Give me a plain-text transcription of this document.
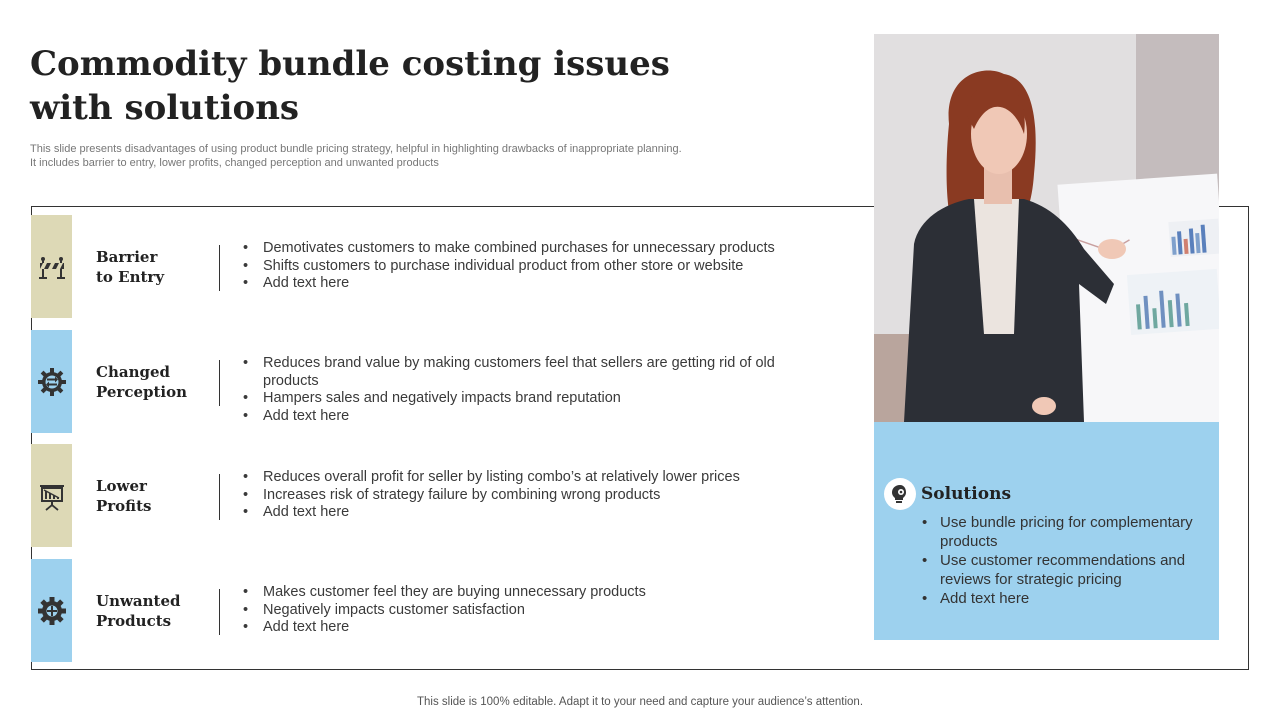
Commodity bundle costing issues with solutions
This slide presents disadvantages of using product bundle pricing strategy, helpful in highlighting drawbacks of inappropriate planning.
It includes barrier to entry, lower profits, changed perception and unwanted products
Barrier
to Entry
• Demotivates customers to make combined purchases for unnecessary products
• Shifts customers to purchase individual product from other store or website
• Add text here
Changed
Perception
• Reduces brand value by making customers feel that sellers are getting rid of old products
• Hampers sales and negatively impacts brand reputation
• Add text here
Lower
Profits
• Reduces overall profit for seller by listing combo’s at relatively lower prices
• Increases risk of strategy failure by combining wrong products
• Add text here
Unwanted
Products
• Makes customer feel they are buying unnecessary products
• Negatively impacts customer satisfaction
• Add text here
Solutions
• Use bundle pricing for complementary products
• Use customer recommendations and reviews for strategic pricing
• Add text here
This slide is 100% editable. Adapt it to your need and capture your audience’s attention.
